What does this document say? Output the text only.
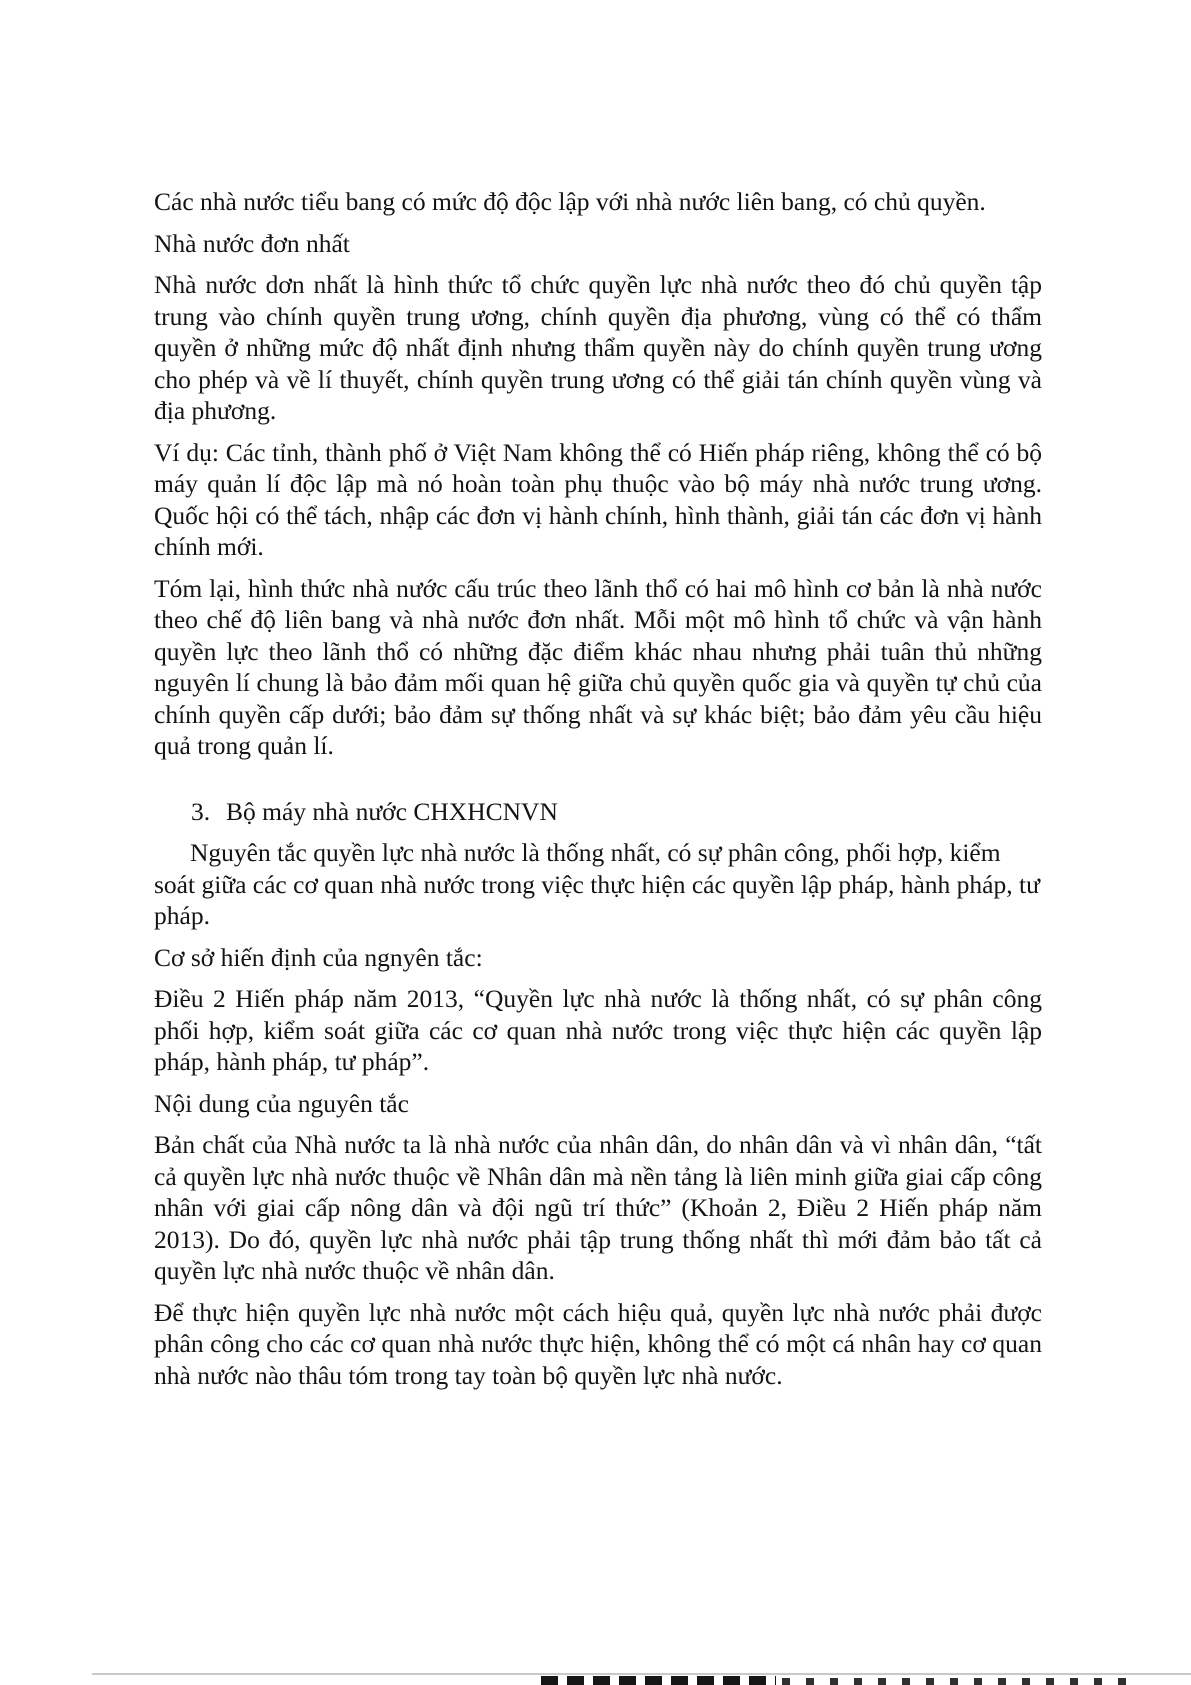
Các nhà nước tiểu bang có mức độ độc lập với nhà nước liên bang, có chủ quyền.

Nhà nước đơn nhất

Nhà nước dơn nhất là hình thức tổ chức quyền lực nhà nước theo đó chủ quyền tập trung vào chính quyền trung ương, chính quyền địa phương, vùng có thể có thẩm quyền ở những mức độ nhất định nhưng thẩm quyền này do chính quyền trung ương cho phép và về lí thuyết, chính quyền trung ương có thể giải tán chính quyền vùng và địa phương.

Ví dụ: Các tỉnh, thành phố ở Việt Nam không thể có Hiến pháp riêng, không thể có bộ máy quản lí độc lập mà nó hoàn toàn phụ thuộc vào bộ máy nhà nước trung ương. Quốc hội có thể tách, nhập các đơn vị hành chính, hình thành, giải tán các đơn vị hành chính mới.

Tóm lại, hình thức nhà nước cấu trúc theo lãnh thổ có hai mô hình cơ bản là nhà nước theo chế độ liên bang và nhà nước đơn nhất. Mỗi một mô hình tổ chức và vận hành quyền lực theo lãnh thổ có những đặc điểm khác nhau nhưng phải tuân thủ những nguyên lí chung là bảo đảm mối quan hệ giữa chủ quyền quốc gia và quyền tự chủ của chính quyền cấp dưới; bảo đảm sự thống nhất và sự khác biệt; bảo đảm yêu cầu hiệu quả trong quản lí.

3. Bộ máy nhà nước CHXHCNVN

Nguyên tắc quyền lực nhà nước là thống nhất, có sự phân công, phối hợp, kiểm soát giữa các cơ quan nhà nước trong việc thực hiện các quyền lập pháp, hành pháp, tư pháp.

Cơ sở hiến định của ngnyên tắc:

Điều 2 Hiến pháp năm 2013, “Quyền lực nhà nước là thống nhất, có sự phân công phối hợp, kiểm soát giữa các cơ quan nhà nước trong việc thực hiện các quyền lập pháp, hành pháp, tư pháp”.

Nội dung của nguyên tắc

Bản chất của Nhà nước ta là nhà nước của nhân dân, do nhân dân và vì nhân dân, “tất cả quyền lực nhà nước thuộc về Nhân dân mà nền tảng là liên minh giữa giai cấp công nhân với giai cấp nông dân và đội ngũ trí thức” (Khoản 2, Điều 2 Hiến pháp năm 2013). Do đó, quyền lực nhà nước phải tập trung thống nhất thì mới đảm bảo tất cả quyền lực nhà nước thuộc về nhân dân.

Để thực hiện quyền lực nhà nước một cách hiệu quả, quyền lực nhà nước phải được phân công cho các cơ quan nhà nước thực hiện, không thể có một cá nhân hay cơ quan nhà nước nào thâu tóm trong tay toàn bộ quyền lực nhà nước.
